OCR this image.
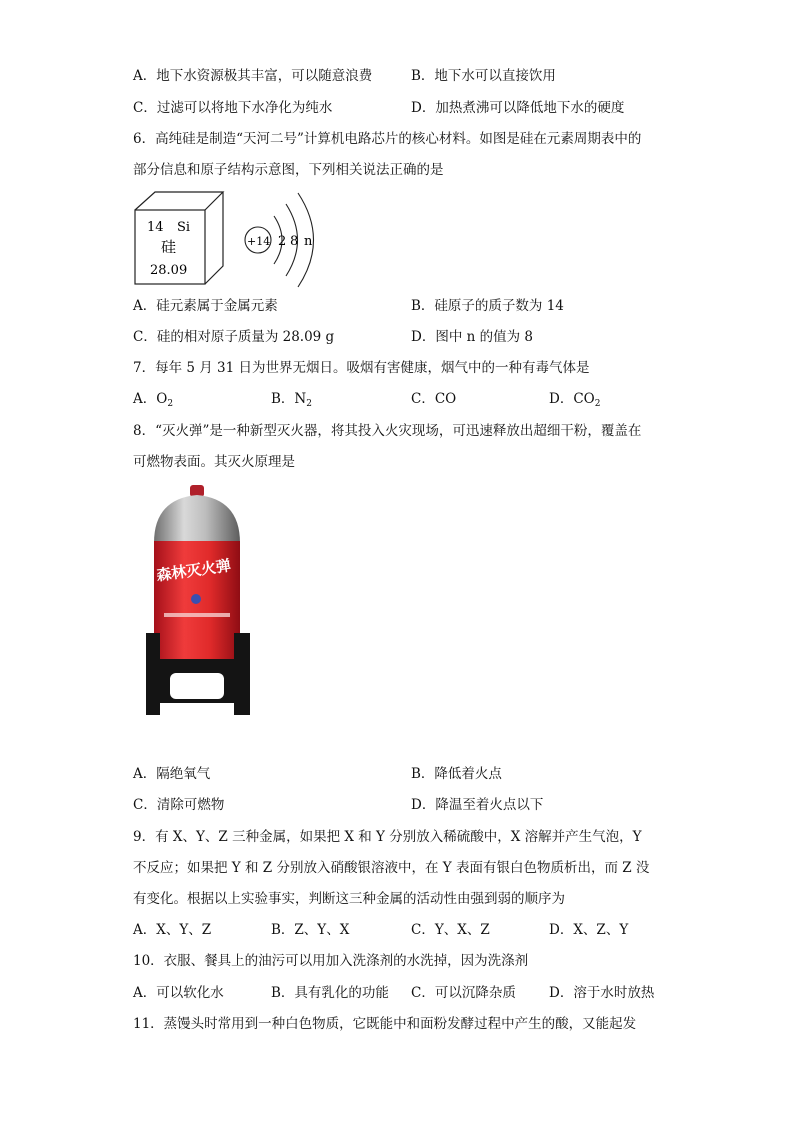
A．地下水资源极其丰富，可以随意浪费	B．地下水可以直接饮用
C．过滤可以将地下水净化为纯水	D．加热煮沸可以降低地下水的硬度
6．高纯硅是制造“天河二号”计算机电路芯片的核心材料。如图是硅在元素周期表中的
部分信息和原子结构示意图，下列相关说法正确的是
14 Si
硅
28.09
+14 2 8 n
A．硅元素属于金属元素	B．硅原子的质子数为 14
C．硅的相对原子质量为 28.09 g	D．图中 n 的值为 8
7．每年 5 月 31 日为世界无烟日。吸烟有害健康，烟气中的一种有毒气体是
A．$O_2$	B．$N_2$	C．CO	D．$CO_2$
8．“灭火弹”是一种新型灭火器，将其投入火灾现场，可迅速释放出超细干粉，覆盖在
可燃物表面。其灭火原理是
森林灭火弹
A．隔绝氧气	B．降低着火点
C．清除可燃物	D．降温至着火点以下
9．有 X、Y、Z 三种金属，如果把 X 和 Y 分别放入稀硫酸中，X 溶解并产生气泡，Y
不反应；如果把 Y 和 Z 分别放入硝酸银溶液中，在 Y 表面有银白色物质析出，而 Z 没
有变化。根据以上实验事实，判断这三种金属的活动性由强到弱的顺序为
A．X、Y、Z	B．Z、Y、X	C．Y、X、Z	D．X、Z、Y
10．衣服、餐具上的油污可以用加入洗涤剂的水洗掉，因为洗涤剂
A．可以软化水	B．具有乳化的功能 C．可以沉降杂质 D．溶于水时放热
11．蒸馒头时常用到一种白色物质，它既能中和面粉发酵过程中产生的酸，又能起发
